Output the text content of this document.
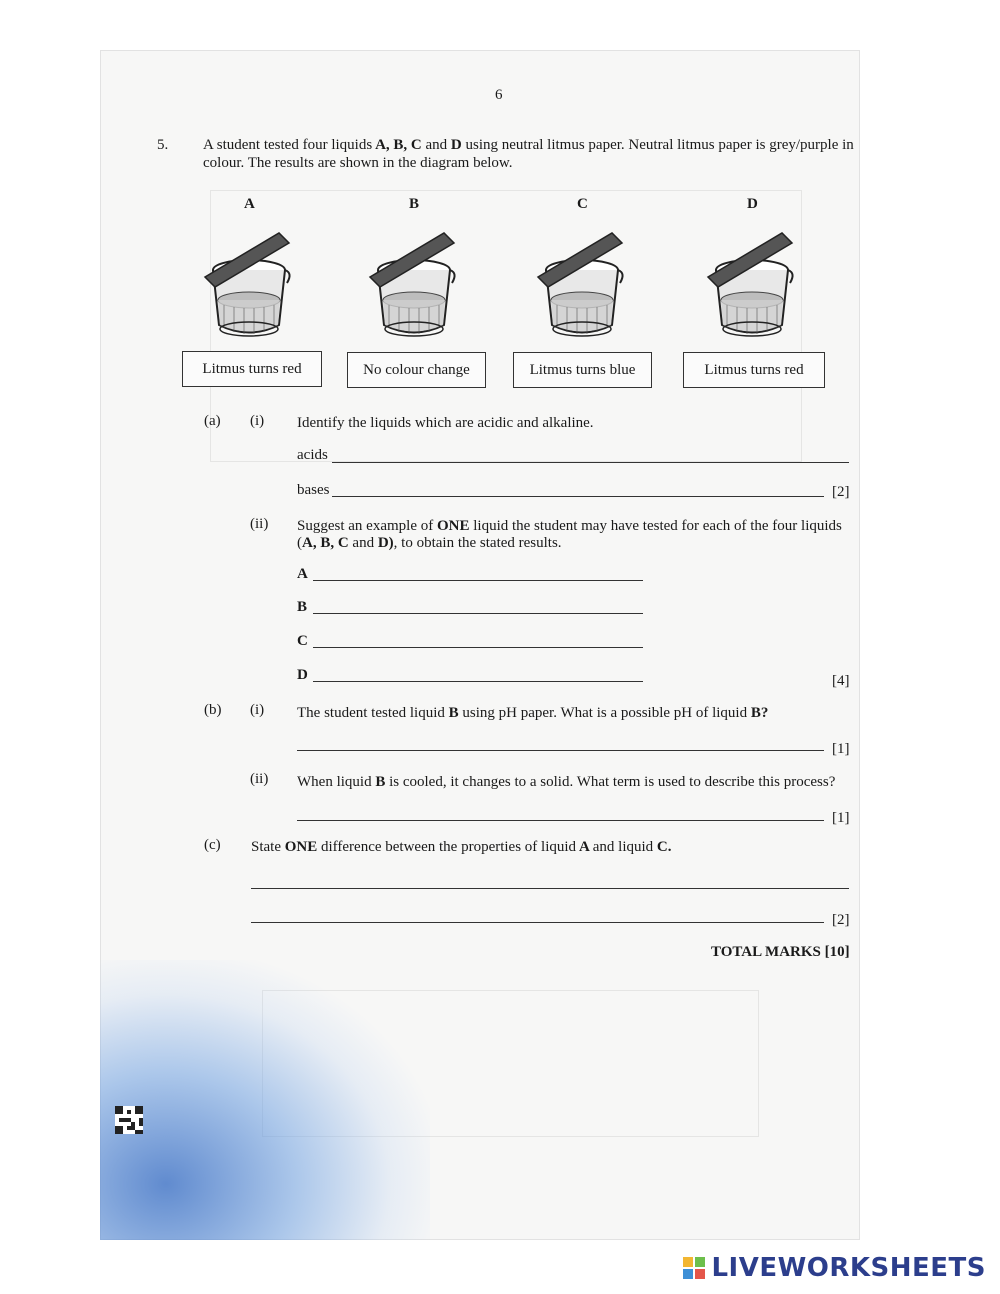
6
5. A student tested four liquids A, B, C and D using neutral litmus paper. Neutral litmus paper is grey/purple in
colour. The results are shown in the diagram below.
A
Litmus turns red
B
No colour change
C
Litmus turns blue
D
Litmus turns red
(a) (i) Identify the liquids which are acidic and alkaline.
acids
bases	[2]
(ii) Suggest an example of ONE liquid the student may have tested for each of the four liquids
(A, B, C and D), to obtain the stated results.
A
B
C
D	[4]
(b) (i) The student tested liquid B using pH paper. What is a possible pH of liquid B?
[1]
(ii) When liquid B is cooled, it changes to a solid. What term is used to describe this process?
[1]
(c) State ONE difference between the properties of liquid A and liquid C.
[2]
TOTAL MARKS [10]
LIVEWORKSHEETS
